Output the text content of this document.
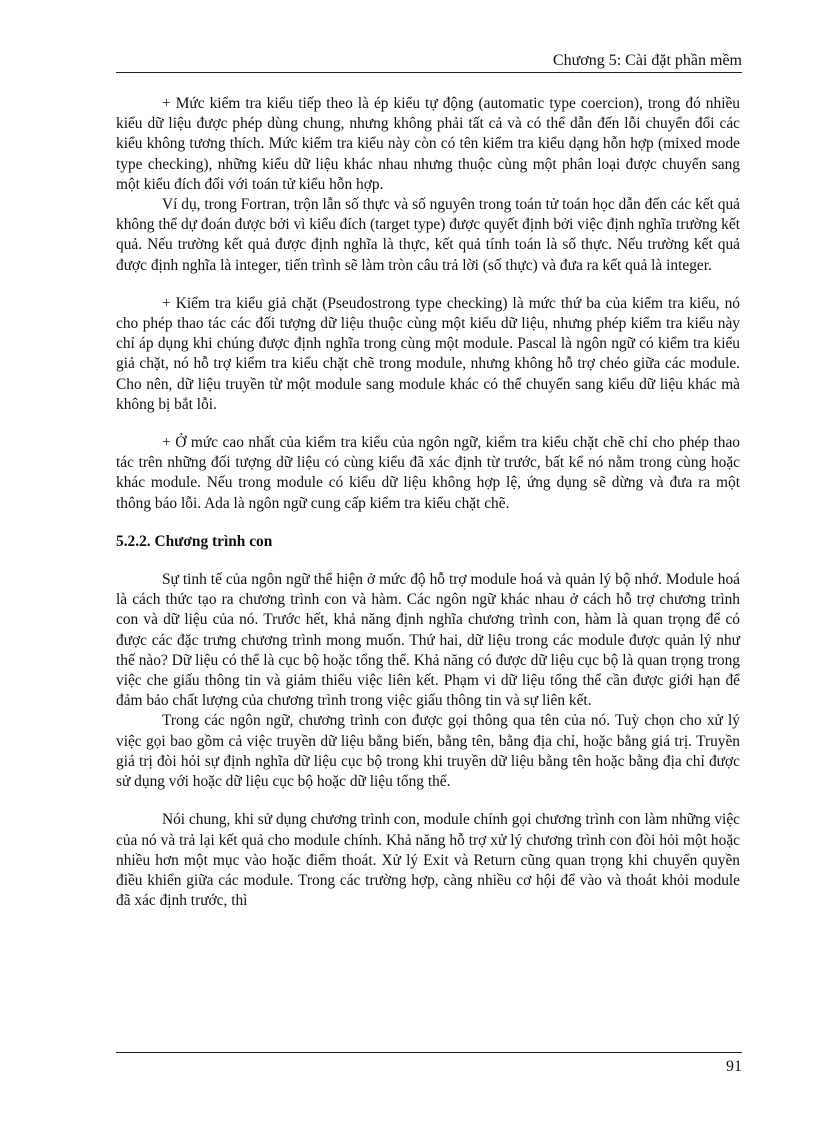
Chương 5: Cài đặt phần mềm

+ Mức kiểm tra kiểu tiếp theo là ép kiểu tự động (automatic type coercion), trong đó nhiều kiểu dữ liệu được phép dùng chung, nhưng không phải tất cả và có thể dẫn đến lỗi chuyển đổi các kiểu không tương thích. Mức kiểm tra kiểu này còn có tên kiểm tra kiểu dạng hỗn hợp (mixed mode type checking), những kiểu dữ liệu khác nhau nhưng thuộc cùng một phân loại được chuyển sang một kiểu đích đối với toán tử kiểu hỗn hợp.

Ví dụ, trong Fortran, trộn lẫn số thực và số nguyên trong toán tử toán học dẫn đến các kết quả không thể dự đoán được bởi vì kiểu đích (target type) được quyết định bởi việc định nghĩa trường kết quả. Nếu trường kết quả được định nghĩa là thực, kết quả tính toán là số thực. Nếu trường kết quả được định nghĩa là integer, tiến trình sẽ làm tròn câu trả lời (số thực) và đưa ra kết quả là integer.

+ Kiểm tra kiểu giả chặt (Pseudostrong type checking) là mức thứ ba của kiểm tra kiểu, nó cho phép thao tác các đối tượng dữ liệu thuộc cùng một kiểu dữ liệu, nhưng phép kiểm tra kiểu này chỉ áp dụng khi chúng được định nghĩa trong cùng một module. Pascal là ngôn ngữ có kiểm tra kiểu giả chặt, nó hỗ trợ kiểm tra kiểu chặt chẽ trong module, nhưng không hỗ trợ chéo giữa các module. Cho nên, dữ liệu truyền từ một module sang module khác có thể chuyển sang kiểu dữ liệu khác mà không bị bắt lỗi.

+ Ở mức cao nhất của kiểm tra kiểu của ngôn ngữ, kiểm tra kiểu chặt chẽ chỉ cho phép thao tác trên những đối tượng dữ liệu có cùng kiểu đã xác định từ trước, bất kể nó nằm trong cùng hoặc khác module. Nếu trong module có kiểu dữ liệu không hợp lệ, ứng dụng sẽ dừng và đưa ra một thông báo lỗi. Ada là ngôn ngữ cung cấp kiểm tra kiểu chặt chẽ.

5.2.2. Chương trình con

Sự tinh tế của ngôn ngữ thể hiện ở mức độ hỗ trợ module hoá và quản lý bộ nhớ. Module hoá là cách thức tạo ra chương trình con và hàm. Các ngôn ngữ khác nhau ở cách hỗ trợ chương trình con và dữ liệu của nó. Trước hết, khả năng định nghĩa chương trình con, hàm là quan trọng để có được các đặc trưng chương trình mong muốn. Thứ hai, dữ liệu trong các module được quản lý như thế nào? Dữ liệu có thể là cục bộ hoặc tổng thể. Khả năng có được dữ liệu cục bộ là quan trọng trong việc che giấu thông tin và giảm thiểu việc liên kết. Phạm vi dữ liệu tổng thể cần được giới hạn để đảm bảo chất lượng của chương trình trong việc giấu thông tin và sự liên kết.

Trong các ngôn ngữ, chương trình con được gọi thông qua tên của nó. Tuỳ chọn cho xử lý việc gọi bao gồm cả việc truyền dữ liệu bằng biến, bằng tên, bằng địa chỉ, hoặc bằng giá trị. Truyền giá trị đòi hỏi sự định nghĩa dữ liệu cục bộ trong khi truyền dữ liệu bằng tên hoặc bằng địa chỉ được sử dụng với hoặc dữ liệu cục bộ hoặc dữ liệu tổng thể.

Nói chung, khi sử dụng chương trình con, module chính gọi chương trình con làm những việc của nó và trả lại kết quả cho module chính. Khả năng hỗ trợ xử lý chương trình con đòi hỏi một hoặc nhiều hơn một mục vào hoặc điểm thoát. Xử lý Exit và Return cũng quan trọng khi chuyển quyền điều khiển giữa các module. Trong các trường hợp, càng nhiều cơ hội để vào và thoát khỏi module đã xác định trước, thì

91
